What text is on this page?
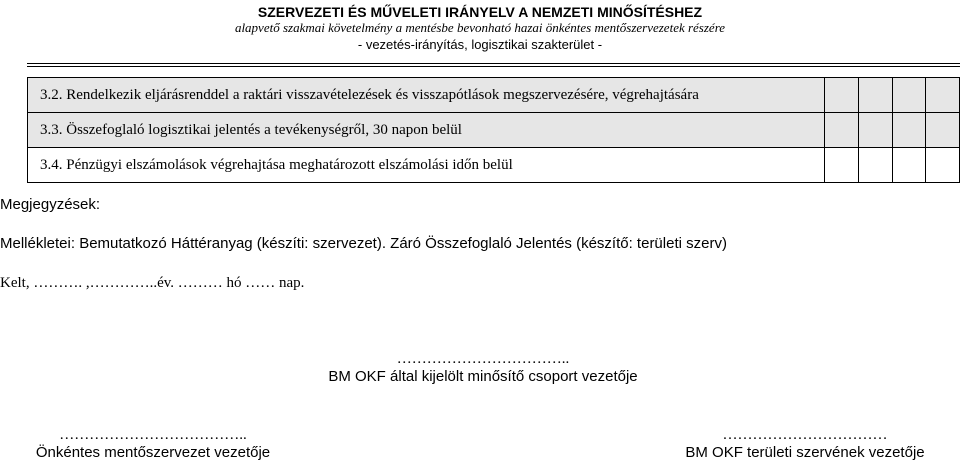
SZERVEZETI ÉS MŰVELETI IRÁNYELV A NEMZETI MINŐSÍTÉSHEZ
alapvető szakmai követelmény a mentésbe bevonható hazai önkéntes mentőszervezetek részére
- vezetés-irányítás, logisztikai szakterület -
3.2. Rendelkezik eljárásrenddel a raktári visszavételezések és visszapótlások megszervezésére, végrehajtására				
3.3. Összefoglaló logisztikai jelentés a tevékenységről, 30 napon belül				
3.4. Pénzügyi elszámolások végrehajtása meghatározott elszámolási időn belül				
Megjegyzések:
Mellékletei: Bemutatkozó Háttéranyag (készíti: szervezet). Záró Összefoglaló Jelentés (készítő: területi szerv)
Kelt, ………. ,…………..év. ……… hó …… nap.
……………………………..
BM OKF által kijelölt minősítő csoport vezetője
………………………………..
Önkéntes mentőszervezet vezetője
……………………………
BM OKF területi szervének vezetője
